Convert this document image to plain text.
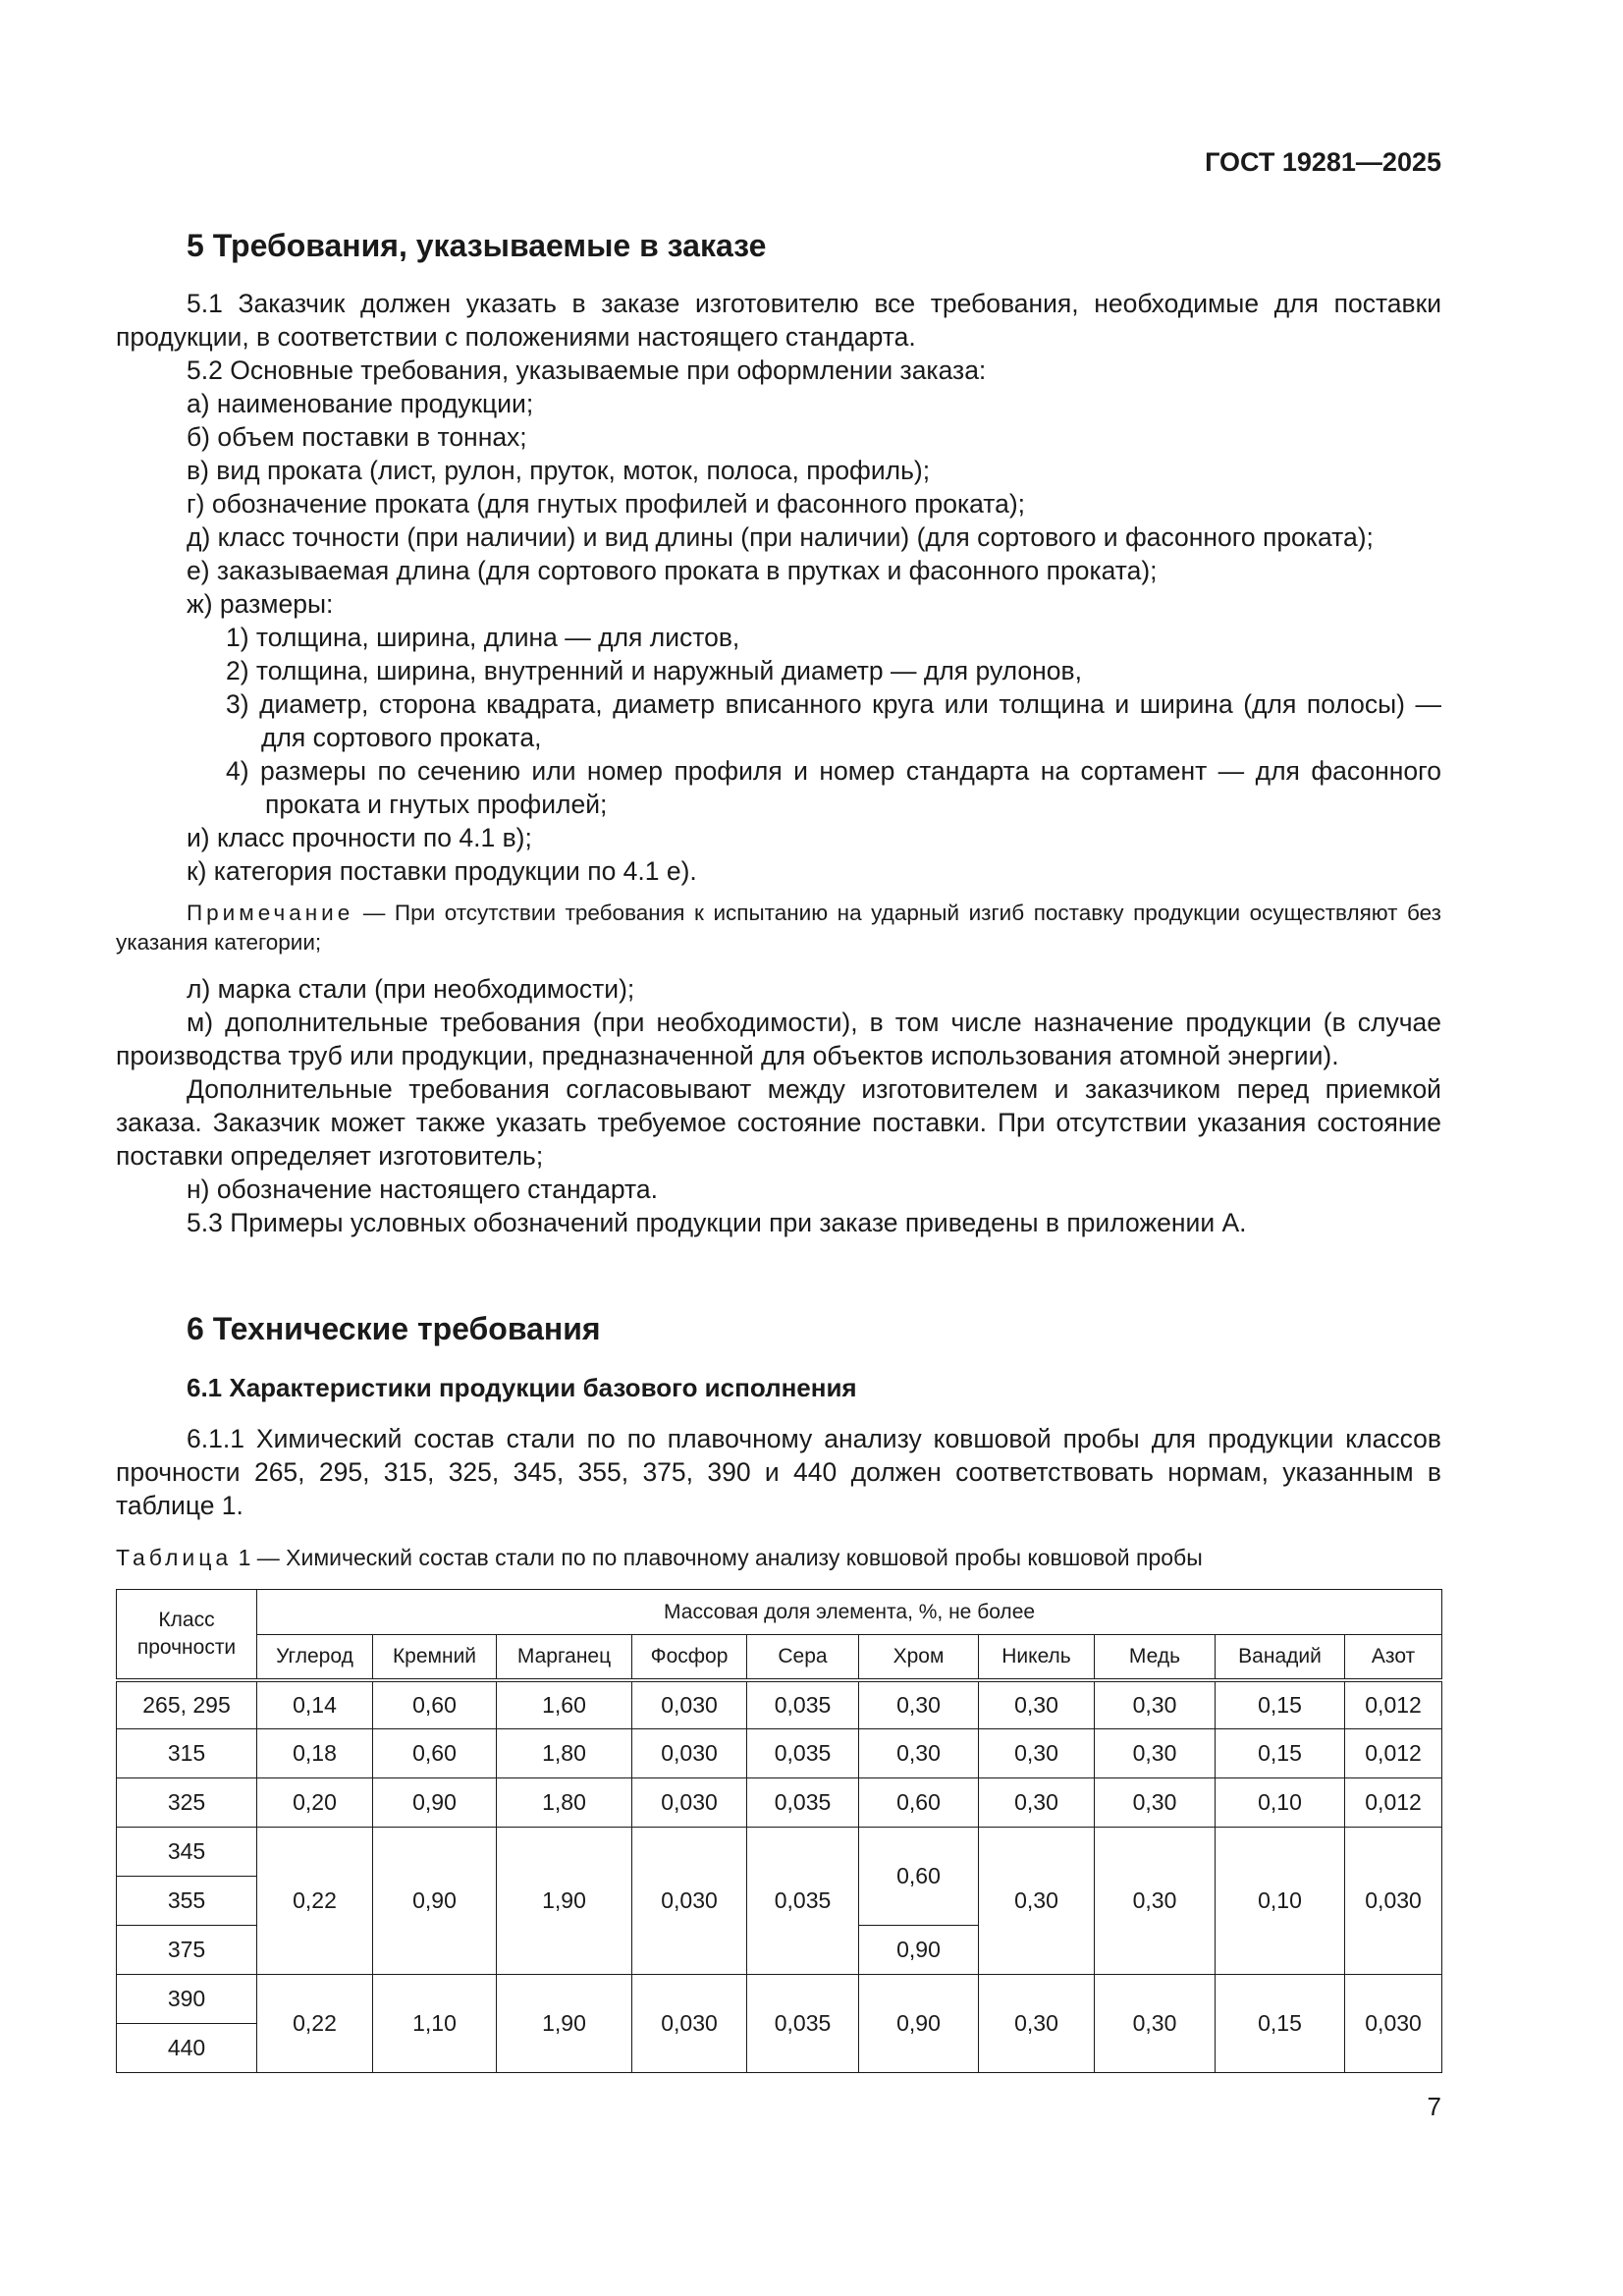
ГОСТ 19281—2025
5 Требования, указываемые в заказе

5.1 Заказчик должен указать в заказе изготовителю все требования, необходимые для поставки продукции, в соответствии с положениями настоящего стандарта.

5.2 Основные требования, указываемые при оформлении заказа:

а) наименование продукции;

б) объем поставки в тоннах;

в) вид проката (лист, рулон, пруток, моток, полоса, профиль);

г) обозначение проката (для гнутых профилей и фасонного проката);

д) класс точности (при наличии) и вид длины (при наличии) (для сортового и фасонного проката);

е) заказываемая длина (для сортового проката в прутках и фасонного проката);

ж) размеры:

1) толщина, ширина, длина — для листов,

2) толщина, ширина, внутренний и наружный диаметр — для рулонов,

3) диаметр, сторона квадрата, диаметр вписанного круга или толщина и ширина (для полосы) — для сортового проката,

4) размеры по сечению или номер профиля и номер стандарта на сортамент — для фасонного проката и гнутых профилей;

и) класс прочности по 4.1 в);

к) категория поставки продукции по 4.1 е).

Примечание — При отсутствии требования к испытанию на ударный изгиб поставку продукции осуществляют без указания категории;

л) марка стали (при необходимости);

м) дополнительные требования (при необходимости), в том числе назначение продукции (в случае производства труб или продукции, предназначенной для объектов использования атомной энергии).

Дополнительные требования согласовывают между изготовителем и заказчиком перед приемкой заказа. Заказчик может также указать требуемое состояние поставки. При отсутствии указания состояние поставки определяет изготовитель;

н) обозначение настоящего стандарта.

5.3 Примеры условных обозначений продукции при заказе приведены в приложении А.

6 Технические требования
6.1 Характеристики продукции базового исполнения

6.1.1 Химический состав стали по по плавочному анализу ковшовой пробы для продукции классов прочности 265, 295, 315, 325, 345, 355, 375, 390 и 440 должен соответствовать нормам, указанным в таблице 1.

Таблица 1 — Химический состав стали по по плавочному анализу ковшовой пробы ковшовой пробы

Класс прочности	Массовая доля элемента, %, не более									
	Углерод	Кремний	Марганец	Фосфор	Сера	Хром	Никель	Медь	Ванадий	Азот
265, 295	0,14	0,60	1,60	0,030	0,035	0,30	0,30	0,30	0,15	0,012
315	0,18	0,60	1,80	0,030	0,035	0,30	0,30	0,30	0,15	0,012
325	0,20	0,90	1,80	0,030	0,035	0,60	0,30	0,30	0,10	0,012
345	0,22	0,90	1,90	0,030	0,035	0,60	0,30	0,30	0,10	0,030
355										
375						0,90				
390	0,22	1,10	1,90	0,030	0,035	0,90	0,30	0,30	0,15	0,030
440										
7
